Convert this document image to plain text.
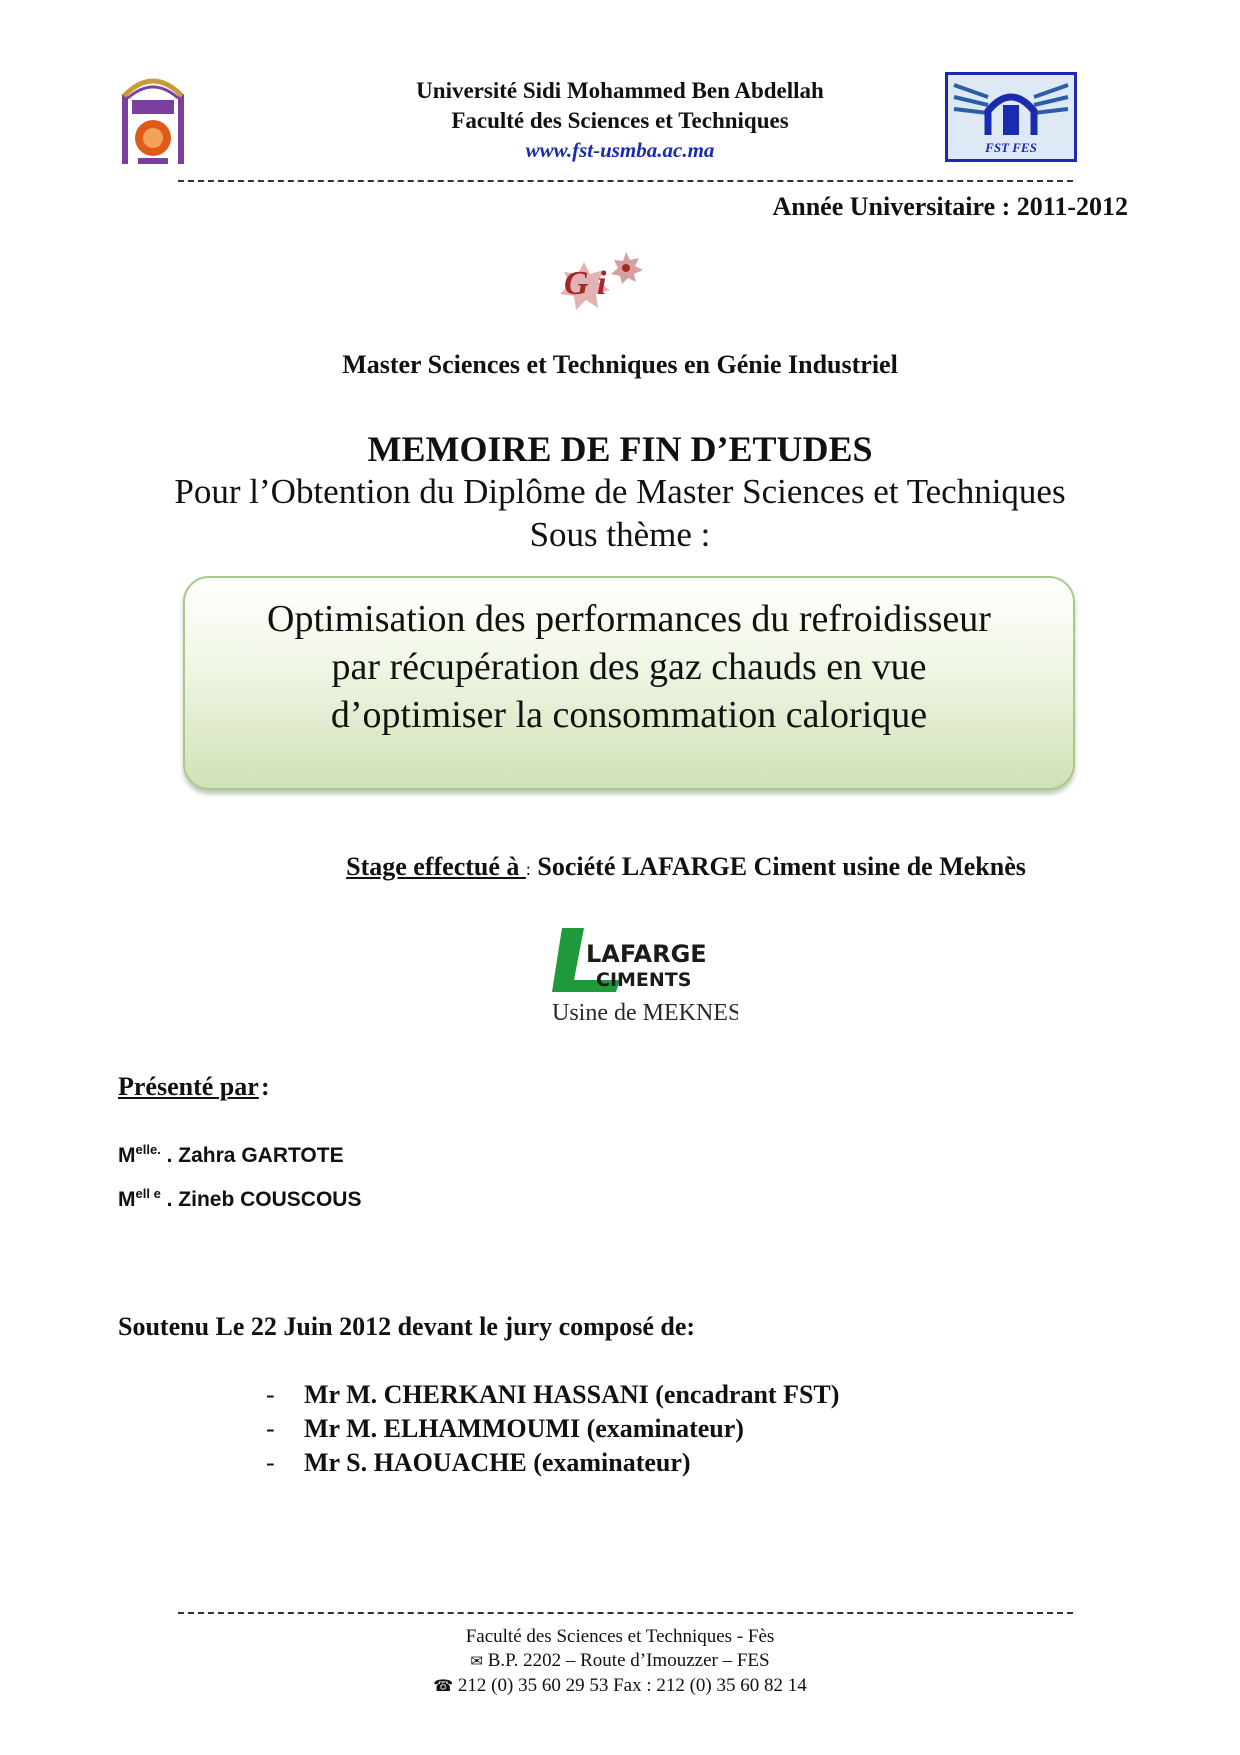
Université Sidi Mohammed Ben Abdellah
Faculté des Sciences et Techniques
www.fst-usmba.ac.ma	FST FES
Année Universitaire : 2011-2012
G i
Master Sciences et Techniques en Génie Industriel
MEMOIRE DE FIN D’ETUDES
Pour l’Obtention du Diplôme de Master Sciences et Techniques
Sous thème :
Optimisation des performances du refroidisseur
par récupération des gaz chauds en vue
d’optimiser la consommation calorique
Stage effectué à : Société LAFARGE Ciment usine de Meknès
LAFARGE
CIMENTS
Usine de MEKNES
Présenté par :
$M^{elle.}$ . Zahra GARTOTE
$M^{ell e}$ . Zineb COUSCOUS
Soutenu Le 22 Juin 2012 devant le jury composé de:
- Mr M. CHERKANI HASSANI (encadrant FST)
- Mr M. ELHAMMOUMI (examinateur)
- Mr S. HAOUACHE (examinateur)
Faculté des Sciences et Techniques - Fès
✉ B.P. 2202 – Route d’Imouzzer – FES
☎ 212 (0) 35 60 29 53 Fax : 212 (0) 35 60 82 14
